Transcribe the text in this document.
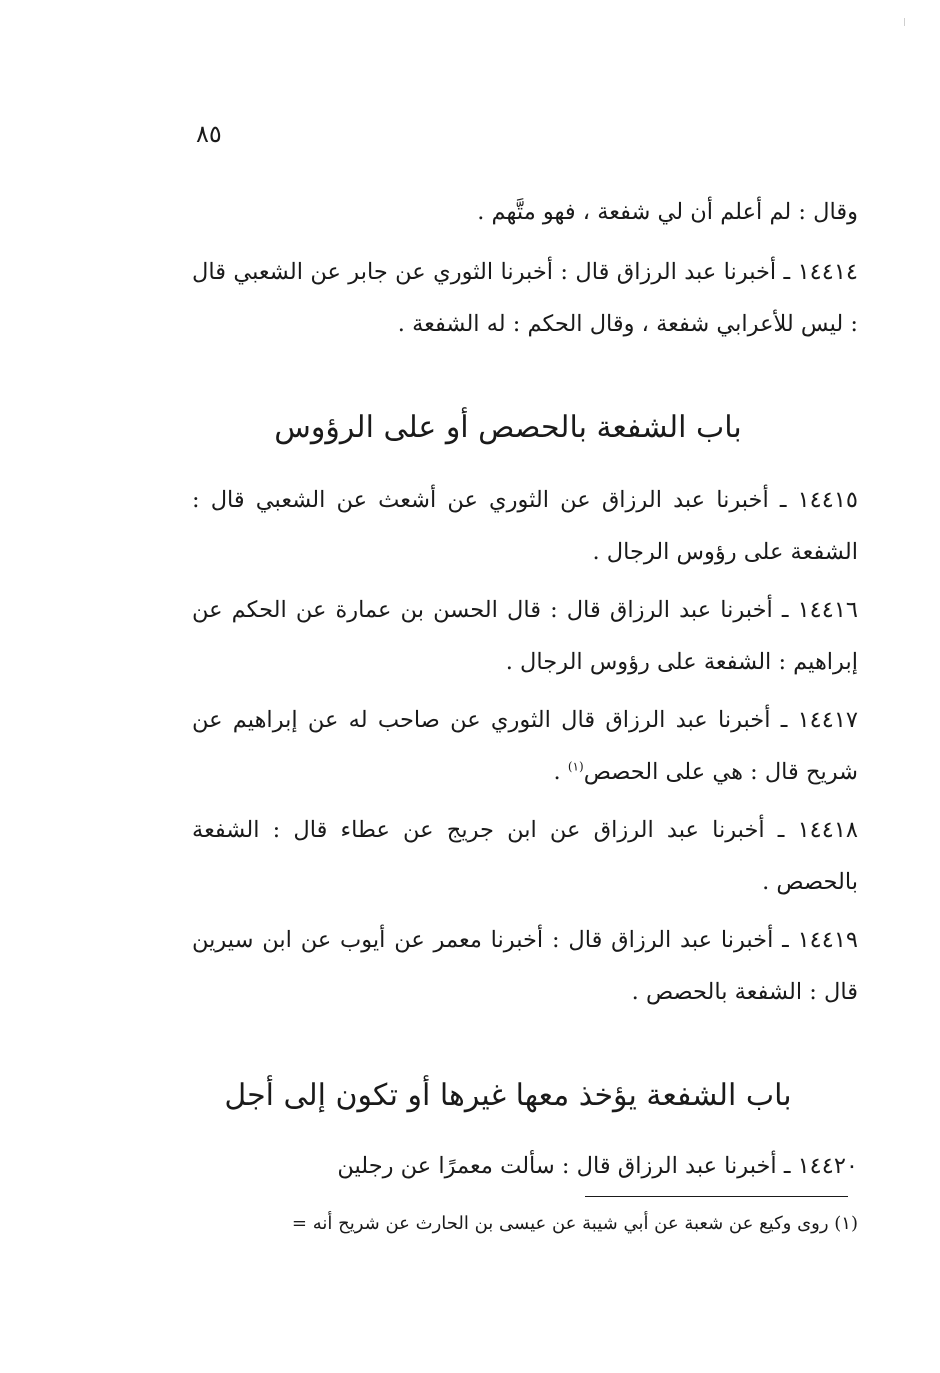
٨٥
وقال : لم أعلم أن لي شفعة ، فهو متَّهم .
١٤٤١٤ ـ أخبرنا عبد الرزاق قال : أخبرنا الثوري عن جابر عن الشعبي قال : ليس للأعرابي شفعة ، وقال الحكم : له الشفعة .
باب الشفعة بالحصص أو على الرؤوس
١٤٤١٥ ـ أخبرنا عبد الرزاق عن الثوري عن أشعث عن الشعبي قال : الشفعة على رؤوس الرجال .
١٤٤١٦ ـ أخبرنا عبد الرزاق قال : قال الحسن بن عمارة عن الحكم عن إبراهيم : الشفعة على رؤوس الرجال .
١٤٤١٧ ـ أخبرنا عبد الرزاق قال الثوري عن صاحب له عن إبراهيم عن شريح قال : هي على الحصص$^{(١)}$ .
١٤٤١٨ ـ أخبرنا عبد الرزاق عن ابن جريج عن عطاء قال : الشفعة بالحصص .
١٤٤١٩ ـ أخبرنا عبد الرزاق قال : أخبرنا معمر عن أيوب عن ابن سيرين قال : الشفعة بالحصص .
باب الشفعة يؤخذ معها غيرها أو تكون إلى أجل
١٤٤٢٠ ـ أخبرنا عبد الرزاق قال : سألت معمرًا عن رجلين
(١) روى وكيع عن شعبة عن أبي شيبة عن عيسى بن الحارث عن شريح أنه =
